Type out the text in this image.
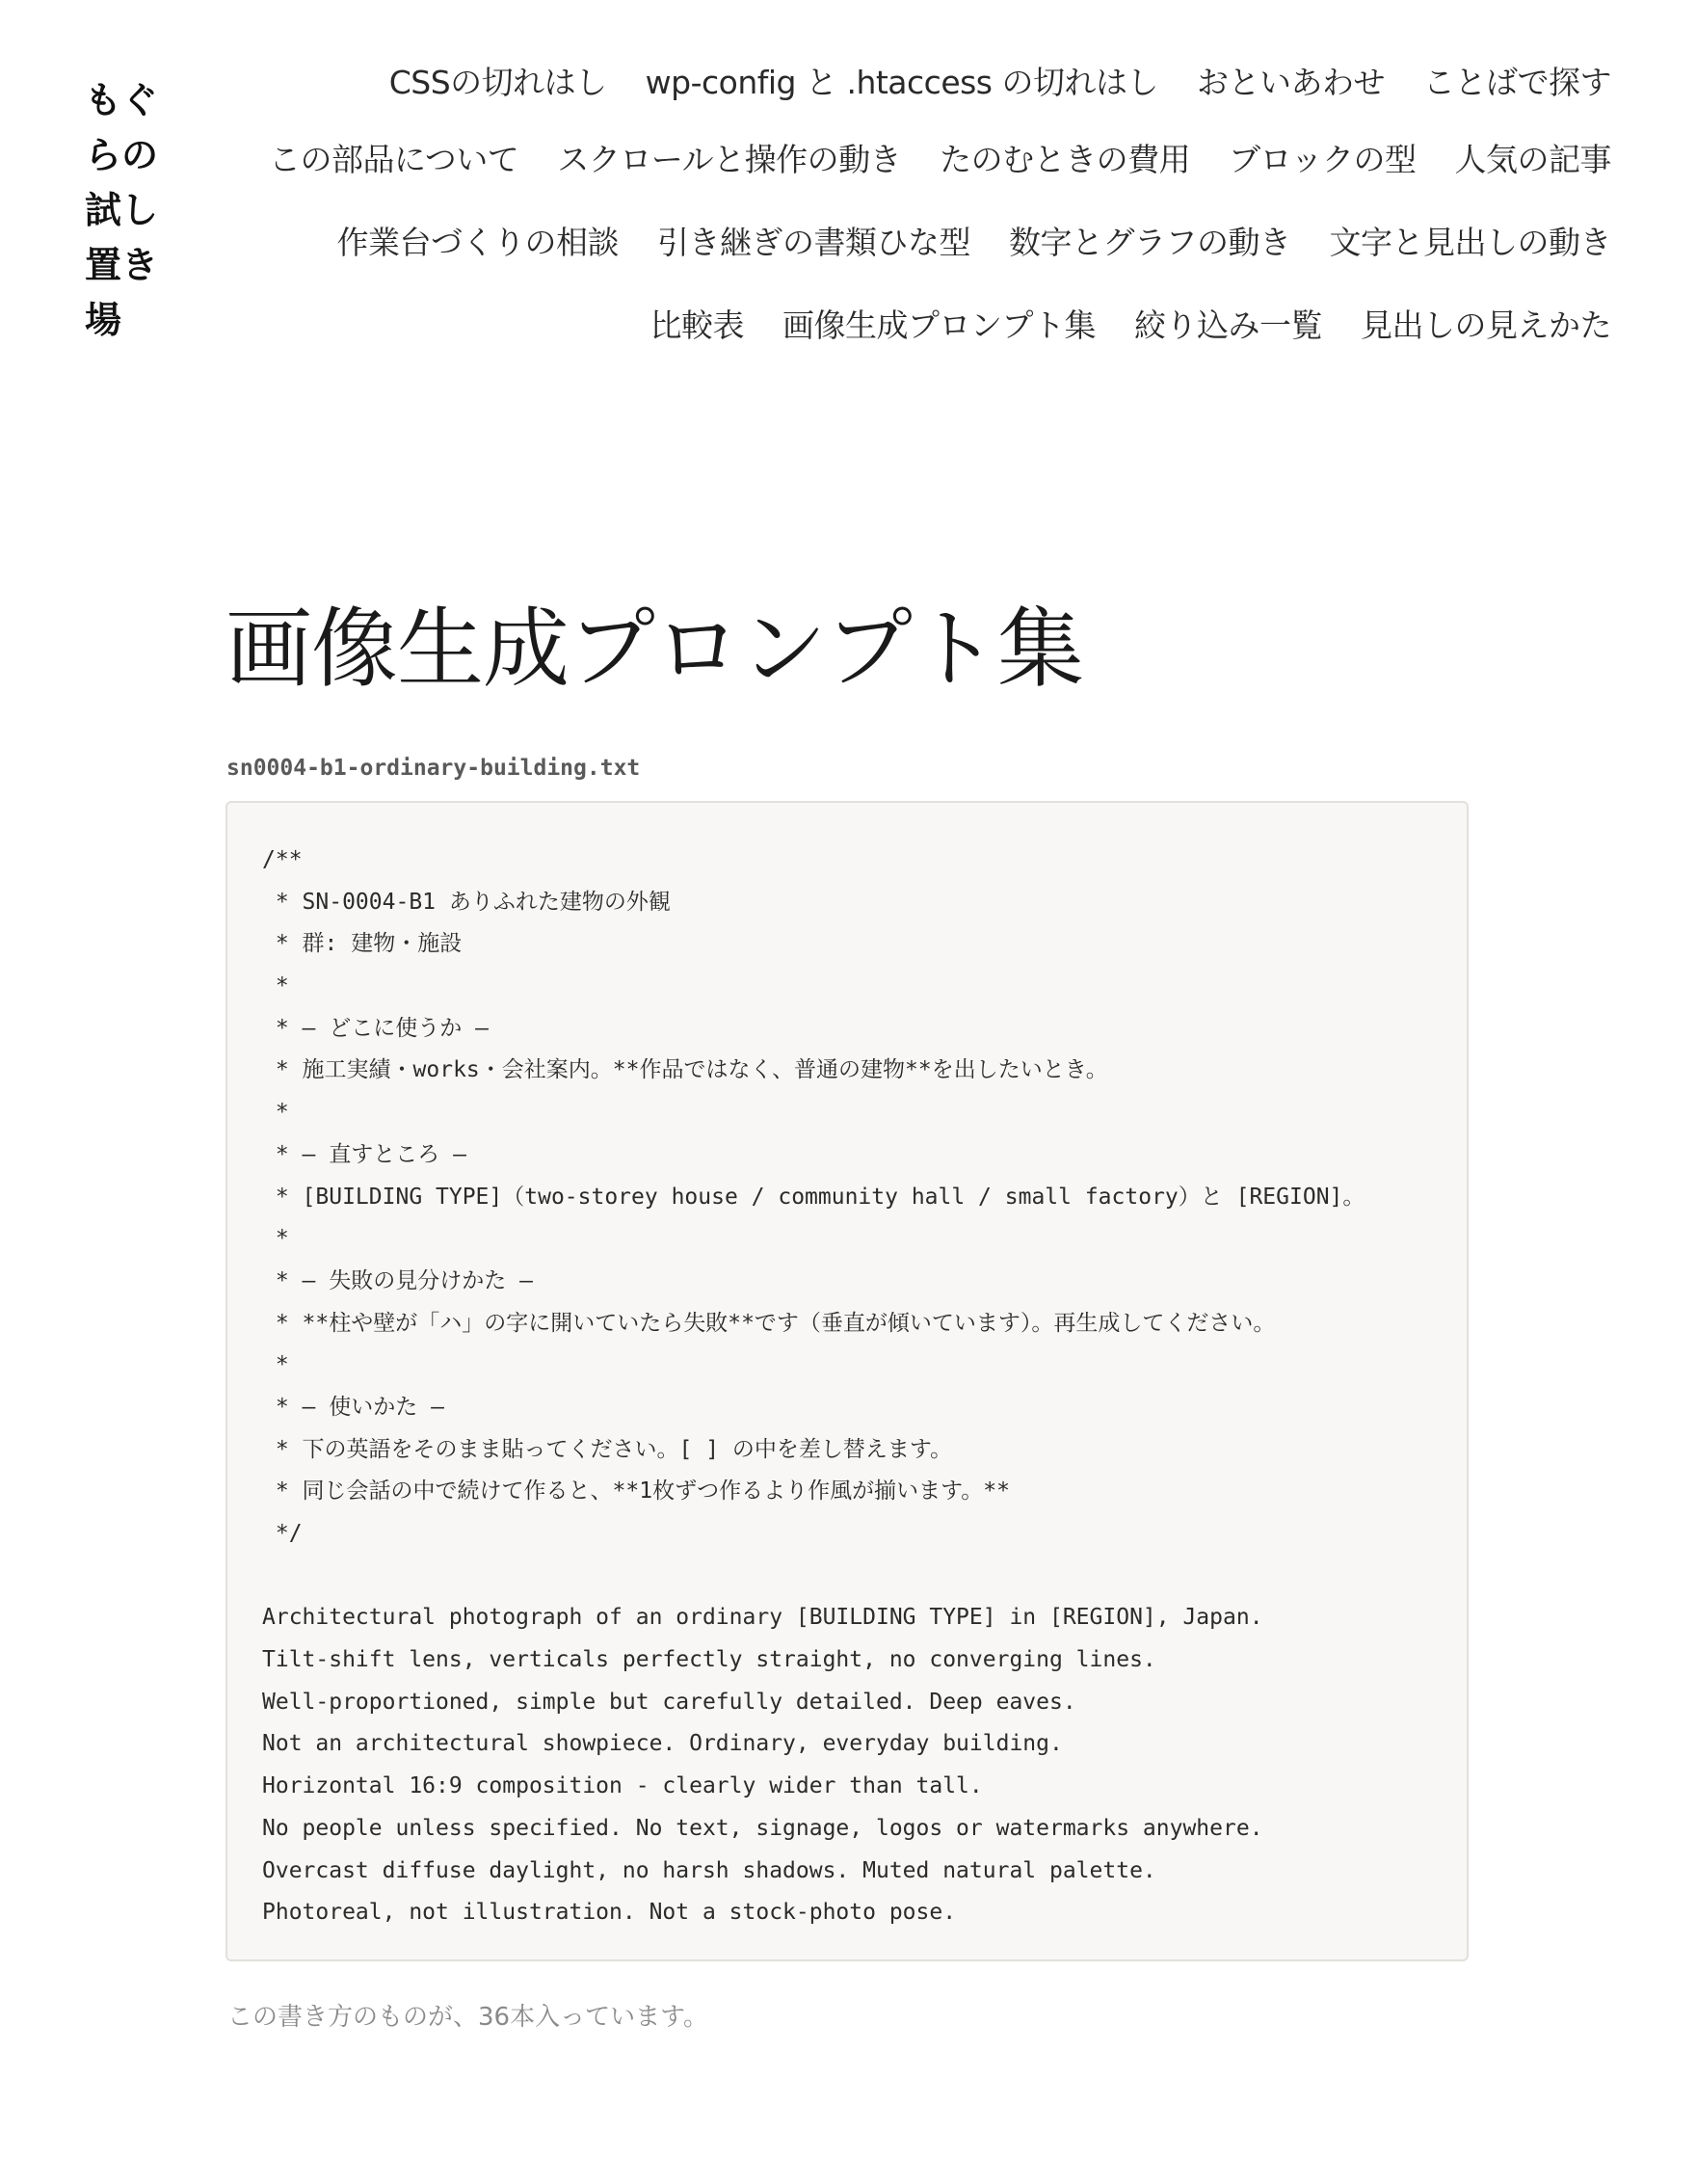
もぐ
らの
試し
置き
場
CSSの切れはし wp-config と .htaccess の切れはし おといあわせ ことばで探す
この部品について スクロールと操作の動き たのむときの費用 ブロックの型 人気の記事
作業台づくりの相談 引き継ぎの書類ひな型 数字とグラフの動き 文字と見出しの動き
比較表 画像生成プロンプト集 絞り込み一覧 見出しの見えかた
画像生成プロンプト集
sn0004-b1-ordinary-building.txt
/**
* SN-0004-B1 ありふれた建物の外観
* 群: 建物・施設
*
* — どこに使うか —
* 施工実績・works・会社案内。**作品ではなく、普通の建物**を出したいとき。
*
* — 直すところ —
* [BUILDING TYPE]（two-storey house / community hall / small factory）と [REGION]。
*
* — 失敗の見分けかた —
* **柱や壁が「ハ」の字に開いていたら失敗**です（垂直が傾いています）。再生成してください。
*
* — 使いかた —
* 下の英語をそのまま貼ってください。[ ] の中を差し替えます。
* 同じ会話の中で続けて作ると、**1枚ずつ作るより作風が揃います。**
*/
Architectural photograph of an ordinary [BUILDING TYPE] in [REGION], Japan.
Tilt-shift lens, verticals perfectly straight, no converging lines.
Well-proportioned, simple but carefully detailed. Deep eaves.
Not an architectural showpiece. Ordinary, everyday building.
Horizontal 16:9 composition - clearly wider than tall.
No people unless specified. No text, signage, logos or watermarks anywhere.
Overcast diffuse daylight, no harsh shadows. Muted natural palette.
Photoreal, not illustration. Not a stock-photo pose.

この書き方のものが、36本入っています。
